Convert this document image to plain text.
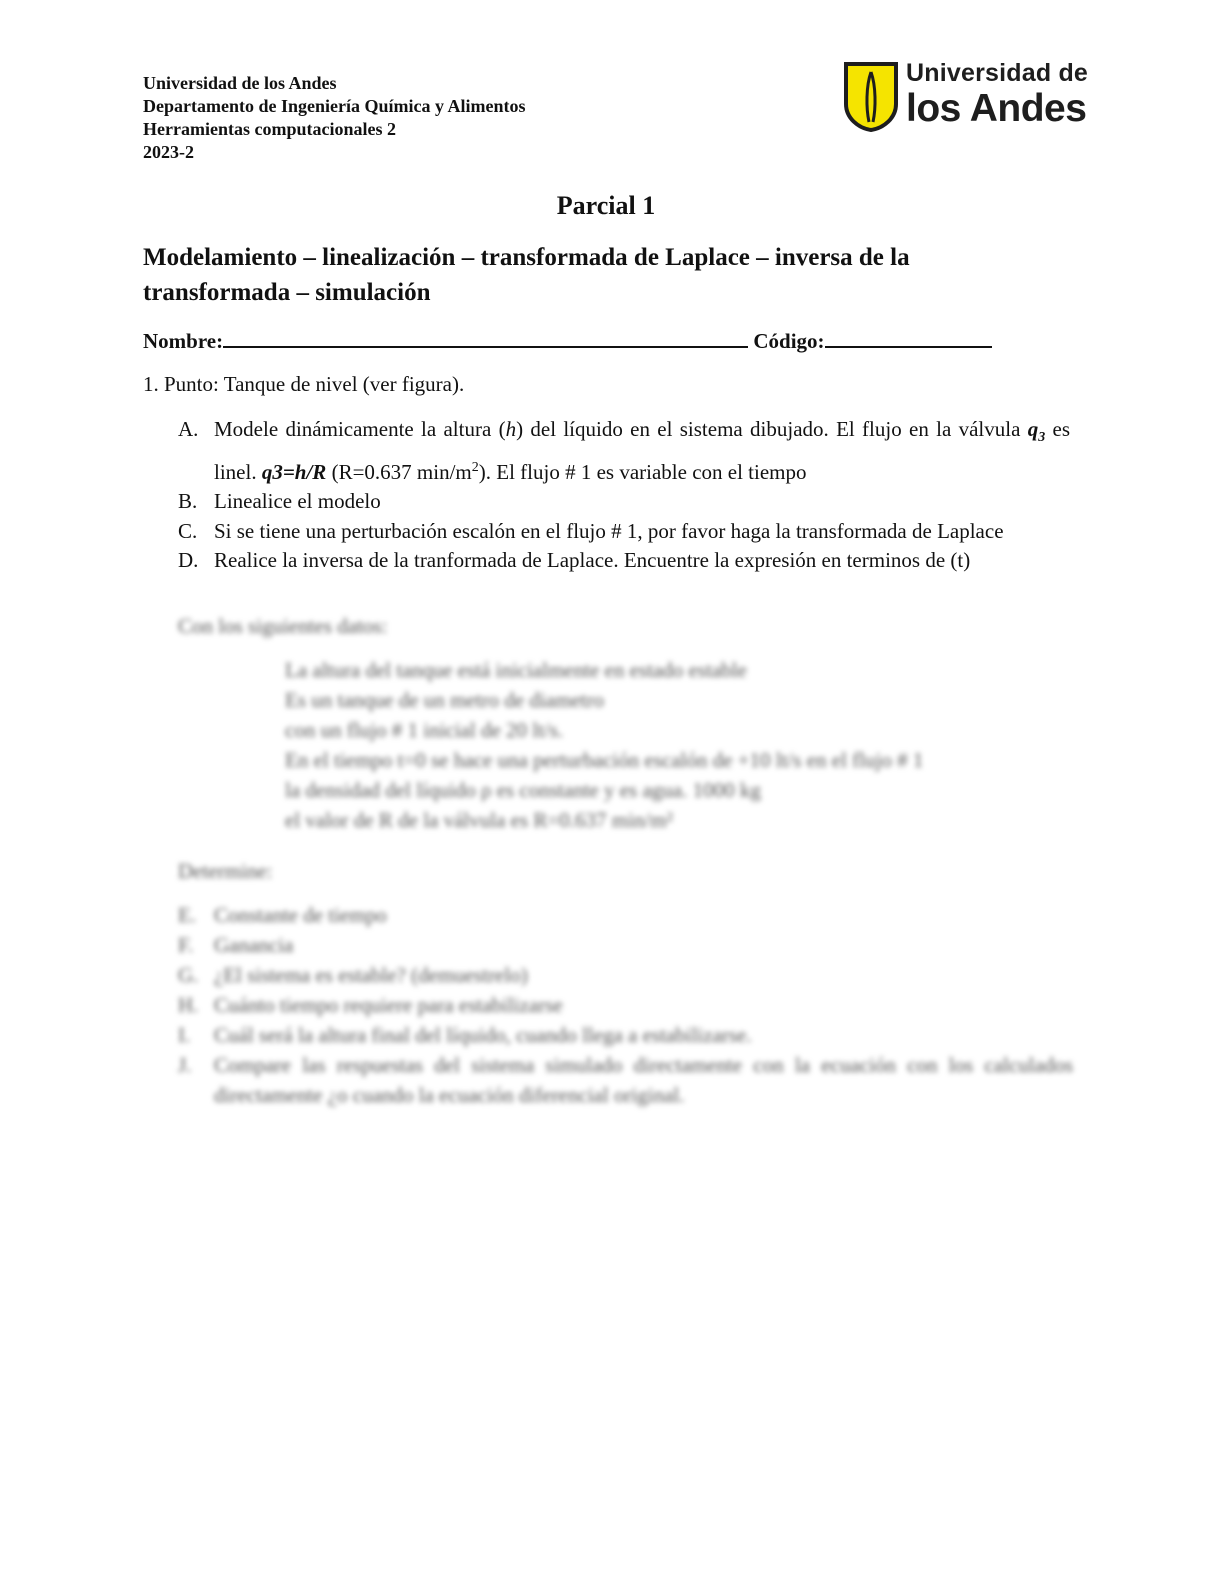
Universidad de los Andes
Departamento de Ingeniería Química y Alimentos
Herramientas computacionales 2
2023-2
Universidad de
los Andes
Parcial 1
Modelamiento – linealización – transformada de Laplace – inversa de la transformada – simulación
Nombre:	Código:
1. Punto: Tanque de nivel (ver figura).
A. Modele dinámicamente la altura (h) del líquido en el sistema dibujado. El flujo en la válvula $q_3$ es linel. q3=h/R (R=0.637 $\min/m^2$). El flujo # 1 es variable con el tiempo
B. Linealice el modelo
C. Si se tiene una perturbación escalón en el flujo # 1, por favor haga la transformada de Laplace
D. Realice la inversa de la tranformada de Laplace. Encuentre la expresión en terminos de (t)
Con los siguientes datos:
La altura del tanque está inicialmente en estado estable
Es un tanque de un metro de diametro
con un flujo # 1 inicial de 20 lt/s.
En el tiempo t=0 se hace una perturbación escalón de +10 lt/s en el flujo # 1
la densidad del líquido ρ es constante y es agua. 1000 kg
el valor de R de la válvula es R=0.637 min/m²
Determine:
E. Constante de tiempo
F. Ganancia
G. ¿El sistema es estable? (demuestrelo)
H. Cuánto tiempo requiere para estabilizarse
I. Cuál será la altura final del líquido, cuando llega a estabilizarse.
J. Compare las respuestas del sistema simulado directamente con la ecuación con los calculados directamente ¿o cuando la ecuación diferencial original.
